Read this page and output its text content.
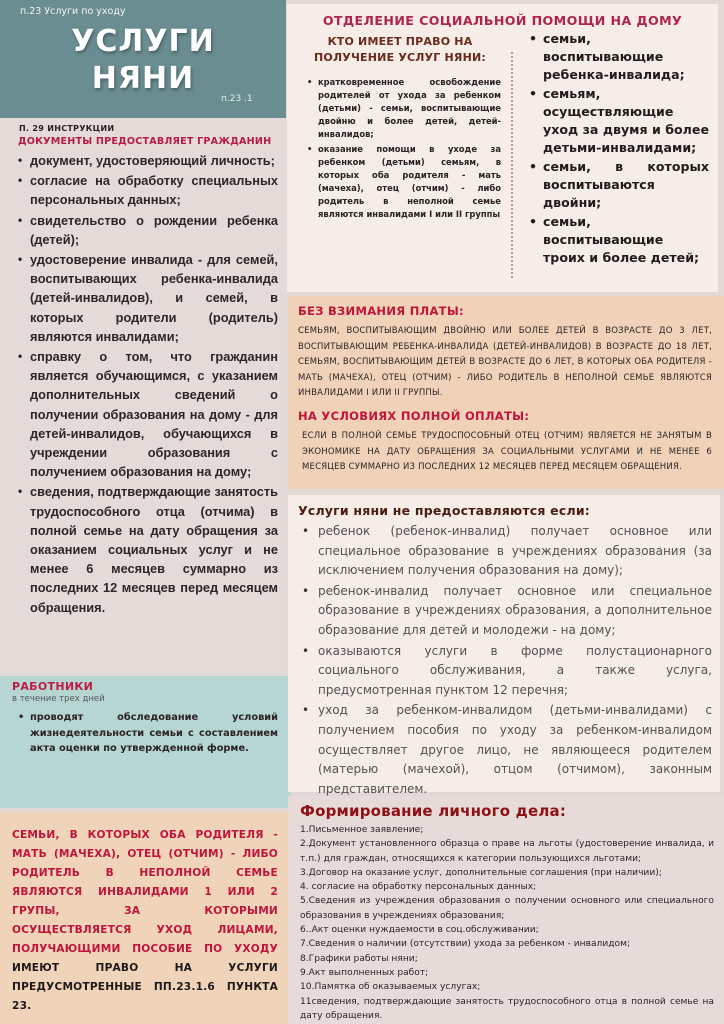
п.23 Услуги по уходу
УСЛУГИ
НЯНИ
п.23 .1
П. 29 ИНСТРУКЦИИ
ДОКУМЕНТЫ ПРЕДОСТАВЛЯЕТ ГРАЖДАНИН
• документ, удостоверяющий личность;
• согласие на обработку специальных персональных данных;
• свидетельство о рождении ребенка (детей);
• удостоверение инвалида - для семей, воспитывающих ребенка-инвалида (детей-инвалидов), и семей, в которых родители (родитель) являются инвалидами;
• справку о том, что гражданин является обучающимся, с указанием дополнительных сведений о получении образования на дому - для детей-инвалидов, обучающихся в учреждении образования с получением образования на дому;
• сведения, подтверждающие занятость трудоспособного отца (отчима) в полной семье на дату обращения за оказанием социальных услуг и не менее 6 месяцев суммарно из последних 12 месяцев перед месяцем обращения.
РАБОТНИКИ
в течение трех дней
• проводят обследование условий жизнедеятельности семьи с составлением акта оценки по утвержденной форме.
СЕМЬИ, В КОТОРЫХ ОБА РОДИТЕЛЯ - МАТЬ (МАЧЕХА), ОТЕЦ (ОТЧИМ) - ЛИБО РОДИТЕЛЬ В НЕПОЛНОЙ СЕМЬЕ ЯВЛЯЮТСЯ ИНВАЛИДАМИ 1 ИЛИ 2 ГРУПЫ, ЗА КОТОРЫМИ ОСУЩЕСТВЛЯЕТСЯ УХОД ЛИЦАМИ, ПОЛУЧАЮЩИМИ ПОСОБИЕ ПО УХОДУ ИМЕЮТ ПРАВО НА УСЛУГИ ПРЕДУСМОТРЕННЫЕ ПП.23.1.6 ПУНКТА 23.
ОТДЕЛЕНИЕ СОЦИАЛЬНОЙ ПОМОЩИ НА ДОМУ
КТО ИМЕЕТ ПРАВО НА ПОЛУЧЕНИЕ УСЛУГ НЯНИ:
• кратковременное освобождение родителей от ухода за ребенком (детьми) - семьи, воспитывающие двойню и более детей, детей-инвалидов;
• оказание помощи в уходе за ребенком (детьми) семьям, в которых оба родителя - мать (мачеха), отец (отчим) - либо родитель в неполной семье являются инвалидами I или II группы
• семьи, воспитывающие ребенка-инвалида;
• семьям, осуществляющие уход за двумя и более детьми-инвалидами;
• семьи, в которых воспитываются двойни;
• семьи, воспитывающие троих и более детей;
БЕЗ ВЗИМАНИЯ ПЛАТЫ:
СЕМЬЯМ, ВОСПИТЫВАЮЩИМ ДВОЙНЮ ИЛИ БОЛЕЕ ДЕТЕЙ В ВОЗРАСТЕ ДО 3 ЛЕТ, ВОСПИТЫВАЮЩИМ РЕБЕНКА-ИНВАЛИДА (ДЕТЕЙ-ИНВАЛИДОВ) В ВОЗРАСТЕ ДО 18 ЛЕТ, СЕМЬЯМ, ВОСПИТЫВАЮЩИМ ДЕТЕЙ В ВОЗРАСТЕ ДО 6 ЛЕТ, В КОТОРЫХ ОБА РОДИТЕЛЯ - МАТЬ (МАЧЕХА), ОТЕЦ (ОТЧИМ) - ЛИБО РОДИТЕЛЬ В НЕПОЛНОЙ СЕМЬЕ ЯВЛЯЮТСЯ ИНВАЛИДАМИ I ИЛИ II ГРУППЫ.
НА УСЛОВИЯХ ПОЛНОЙ ОПЛАТЫ:
ЕСЛИ В ПОЛНОЙ СЕМЬЕ ТРУДОСПОСОБНЫЙ ОТЕЦ (ОТЧИМ) ЯВЛЯЕТСЯ НЕ ЗАНЯТЫМ В ЭКОНОМИКЕ НА ДАТУ ОБРАЩЕНИЯ ЗА СОЦИАЛЬНЫМИ УСЛУГАМИ И НЕ МЕНЕЕ 6 МЕСЯЦЕВ СУММАРНО ИЗ ПОСЛЕДНИХ 12 МЕСЯЦЕВ ПЕРЕД МЕСЯЦЕМ ОБРАЩЕНИЯ.
Услуги няни не предоставляются если:
• ребенок (ребенок-инвалид) получает основное или специальное образование в учреждениях образования (за исключением получения образования на дому);
• ребенок-инвалид получает основное или специальное образование в учреждениях образования, а дополнительное образование для детей и молодежи - на дому;
• оказываются услуги в форме полустационарного социального обслуживания, а также услуга, предусмотренная пунктом 12 перечня;
• уход за ребенком-инвалидом (детьми-инвалидами) с получением пособия по уходу за ребенком-инвалидом осуществляет другое лицо, не являющееся родителем (матерью (мачехой), отцом (отчимом), законным представителем.
Формирование личного дела:
1.Письменное заявление;
2.Документ установленного образца о праве на льготы (удостоверение инвалида, и т.п.) для граждан, относящихся к категории пользующихся льготами;
3.Договор на оказание услуг, дополнительные соглашения (при наличии);
4. согласие на обработку персональных данных;
5.Сведения из учреждения образования о получении основного или специального образования в учреждениях образования;
6..Акт оценки нуждаемости в соц.обслуживании;
7.Сведения о наличии (отсутствии) ухода за ребенком - инвалидом;
8.Графики работы няни;
9.Акт выполненных работ;
10.Памятка об оказываемых услугах;
11сведения, подтверждающие занятость трудоспособного отца в полной семье на дату обращения.
